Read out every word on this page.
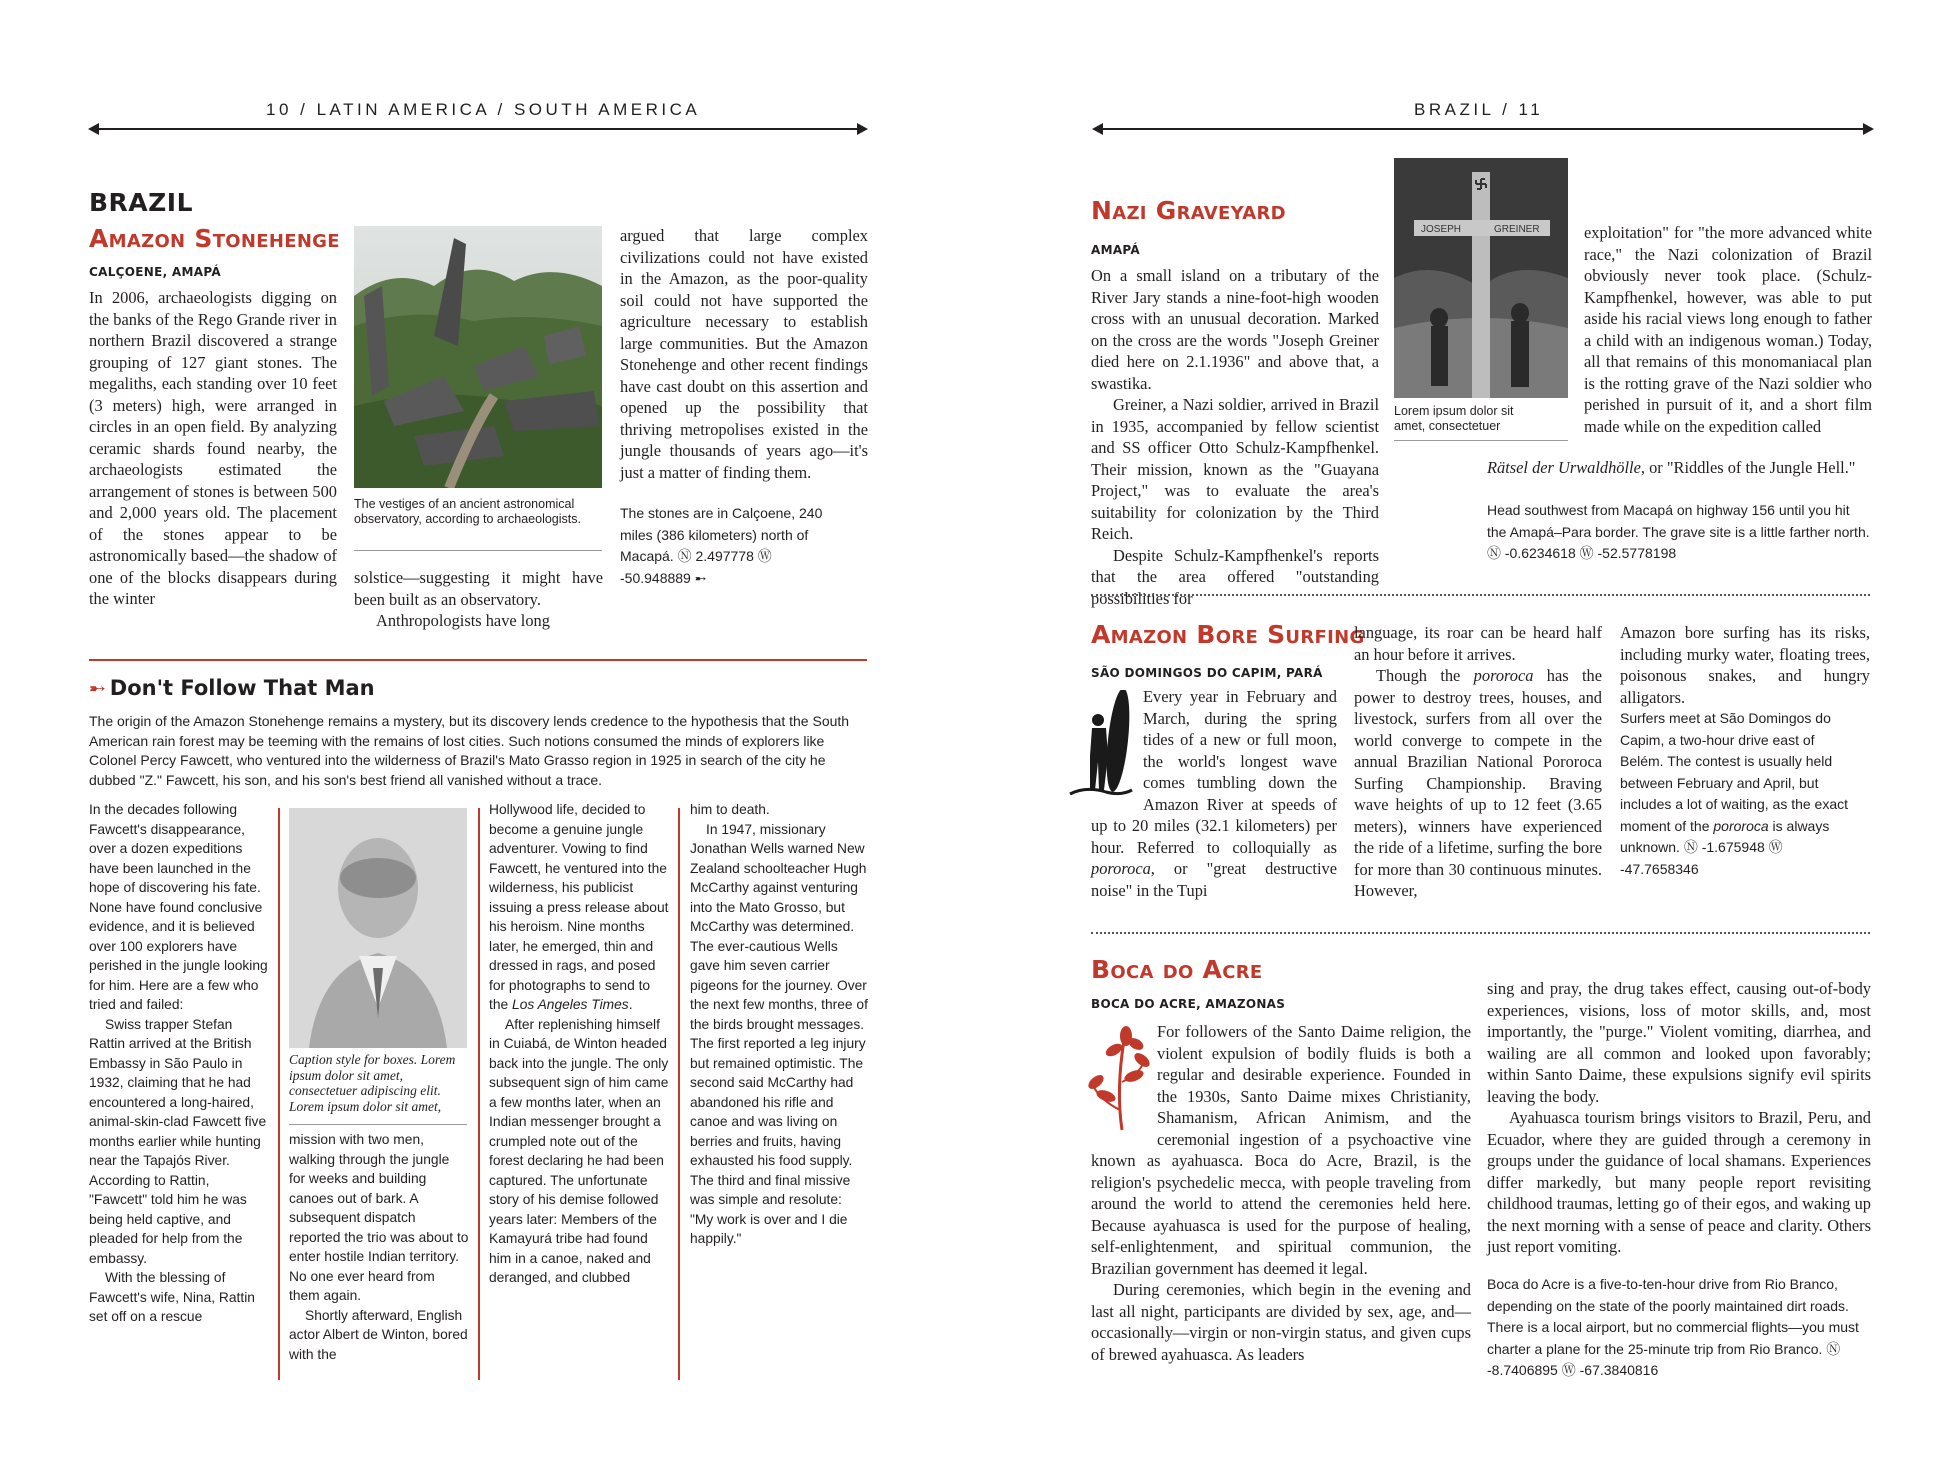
10 / LATIN AMERICA / SOUTH AMERICA
BRAZIL
Amazon Stonehenge
CALÇOENE, AMAPÁ

In 2006, archaeologists digging on the banks of the Rego Grande river in northern Brazil discovered a strange grouping of 127 giant stones. The megaliths, each standing over 10 feet (3 meters) high, were arranged in circles in an open field. By analyzing ceramic shards found nearby, the archaeologists estimated the arrangement of stones is between 500 and 2,000 years old. The placement of the stones appear to be astronomically based—the shadow of one of the blocks disappears during the winter

The vestiges of an ancient astronomical observatory, according to archaeologists.

solstice—suggesting it might have been built as an observatory.

Anthropologists have long

argued that large complex civilizations could not have existed in the Amazon, as the poor-quality soil could not have supported the agriculture necessary to establish large communities. But the Amazon Stonehenge and other recent findings have cast doubt on this assertion and opened up the possibility that thriving metropolises existed in the jungle thousands of years ago—it's just a matter of finding them.

The stones are in Calçoene, 240 miles (386 kilometers) north of Macapá. Ⓝ 2.497778 Ⓦ -50.948889 ➸
➸ Don't Follow That Man
The origin of the Amazon Stonehenge remains a mystery, but its discovery lends credence to the hypothesis that the South American rain forest may be teeming with the remains of lost cities. Such notions consumed the minds of explorers like Colonel Percy Fawcett, who ventured into the wilderness of Brazil's Mato Grasso region in 1925 in search of the city he dubbed "Z." Fawcett, his son, and his son's best friend all vanished without a trace.

In the decades following Fawcett's disappearance, over a dozen expeditions have been launched in the hope of discovering his fate. None have found conclusive evidence, and it is believed over 100 explorers have perished in the jungle looking for him. Here are a few who tried and failed:

Swiss trapper Stefan Rattin arrived at the British Embassy in São Paulo in 1932, claiming that he had encountered a long-haired, animal-skin-clad Fawcett five months earlier while hunting near the Tapajós River. According to Rattin, "Fawcett" told him he was being held captive, and pleaded for help from the embassy.

With the blessing of Fawcett's wife, Nina, Rattin set off on a rescue

Caption style for boxes. Lorem ipsum dolor sit amet, consectetuer adipiscing elit. Lorem ipsum dolor sit amet,

mission with two men, walking through the jungle for weeks and building canoes out of bark. A subsequent dispatch reported the trio was about to enter hostile Indian territory. No one ever heard from them again.

Shortly afterward, English actor Albert de Winton, bored with the

Hollywood life, decided to become a genuine jungle adventurer. Vowing to find Fawcett, he ventured into the wilderness, his publicist issuing a press release about his heroism. Nine months later, he emerged, thin and dressed in rags, and posed for photographs to send to the Los Angeles Times.

After replenishing himself in Cuiabá, de Winton headed back into the jungle. The only subsequent sign of him came a few months later, when an Indian messenger brought a crumpled note out of the forest declaring he had been captured. The unfortunate story of his demise followed years later: Members of the Kamayurá tribe had found him in a canoe, naked and deranged, and clubbed

him to death.

In 1947, missionary Jonathan Wells warned New Zealand schoolteacher Hugh McCarthy against venturing into the Mato Grosso, but McCarthy was determined. The ever-cautious Wells gave him seven carrier pigeons for the journey. Over the next few months, three of the birds brought messages. The first reported a leg injury but remained optimistic. The second said McCarthy had abandoned his rifle and canoe and was living on berries and fruits, having exhausted his food supply. The third and final missive was simple and resolute: "My work is over and I die happily."

BRAZIL / 11
Nazi Graveyard
AMAPÁ

On a small island on a tributary of the River Jary stands a nine-foot-high wooden cross with an unusual decoration. Marked on the cross are the words "Joseph Greiner died here on 2.1.1936" and above that, a swastika.

Greiner, a Nazi soldier, arrived in Brazil in 1935, accompanied by fellow scientist and SS officer Otto Schulz-Kampfhenkel. Their mission, known as the "Guayana Project," was to evaluate the area's suitability for colonization by the Third Reich.

Despite Schulz-Kampfhenkel's reports that the area offered "outstanding possibilities for

JOSEPH	GREINER
Lorem ipsum dolor sit amet, consectetuer
exploitation" for "the more advanced white race," the Nazi colonization of Brazil obviously never took place. (Schulz-Kampfhenkel, however, was able to put aside his racial views long enough to father a child with an indigenous woman.) Today, all that remains of this monomaniacal plan is the rotting grave of the Nazi soldier who perished in pursuit of it, and a short film made while on the expedition called
Rätsel der Urwaldhölle, or "Riddles of the Jungle Hell."
Head southwest from Macapá on highway 156 until you hit the Amapá–Para border. The grave site is a little farther north. Ⓝ -0.6234618 Ⓦ -52.5778198
Amazon Bore Surfing
SÃO DOMINGOS DO CAPIM, PARÁ
Every year in February and March, during the spring tides of a new or full moon, the world's longest wave comes tumbling down the Amazon River at speeds of up to 20 miles (32.1 kilometers) per hour. Referred to colloquially as pororoca, or "great destructive noise" in the Tupi

language, its roar can be heard half an hour before it arrives.

Though the pororoca has the power to destroy trees, houses, and livestock, surfers from all over the world converge to compete in the annual Brazilian National Pororoca Surfing Championship. Braving wave heights of up to 12 feet (3.65 meters), winners have experienced the ride of a lifetime, surfing the bore for more than 30 continuous minutes. However,

Amazon bore surfing has its risks, including murky water, floating trees, poisonous snakes, and hungry alligators.
Surfers meet at São Domingos do Capim, a two-hour drive east of Belém. The contest is usually held between February and April, but includes a lot of waiting, as the exact moment of the pororoca is always unknown. Ⓝ -1.675948 Ⓦ -47.7658346
Boca do Acre
BOCA DO ACRE, AMAZONAS

For followers of the Santo Daime religion, the violent expulsion of bodily fluids is both a regular and desirable experience. Founded in the 1930s, Santo Daime mixes Christianity, Shamanism, African Animism, and the ceremonial ingestion of a psychoactive vine known as ayahuasca. Boca do Acre, Brazil, is the religion's psychedelic mecca, with people traveling from around the world to attend the ceremonies held here. Because ayahuasca is used for the purpose of healing, self-enlightenment, and spiritual communion, the Brazilian government has deemed it legal.

During ceremonies, which begin in the evening and last all night, participants are divided by sex, age, and—occasionally—virgin or non-virgin status, and given cups of brewed ayahuasca. As leaders

sing and pray, the drug takes effect, causing out-of-body experiences, visions, loss of motor skills, and, most importantly, the "purge." Violent vomiting, diarrhea, and wailing are all common and looked upon favorably; within Santo Daime, these expulsions signify evil spirits leaving the body.

Ayahuasca tourism brings visitors to Brazil, Peru, and Ecuador, where they are guided through a ceremony in groups under the guidance of local shamans. Experiences differ markedly, but many people report revisiting childhood traumas, letting go of their egos, and waking up the next morning with a sense of peace and clarity. Others just report vomiting.

Boca do Acre is a five-to-ten-hour drive from Rio Branco, depending on the state of the poorly maintained dirt roads. There is a local airport, but no commercial flights—you must charter a plane for the 25-minute trip from Rio Branco. Ⓝ -8.7406895 Ⓦ -67.3840816
